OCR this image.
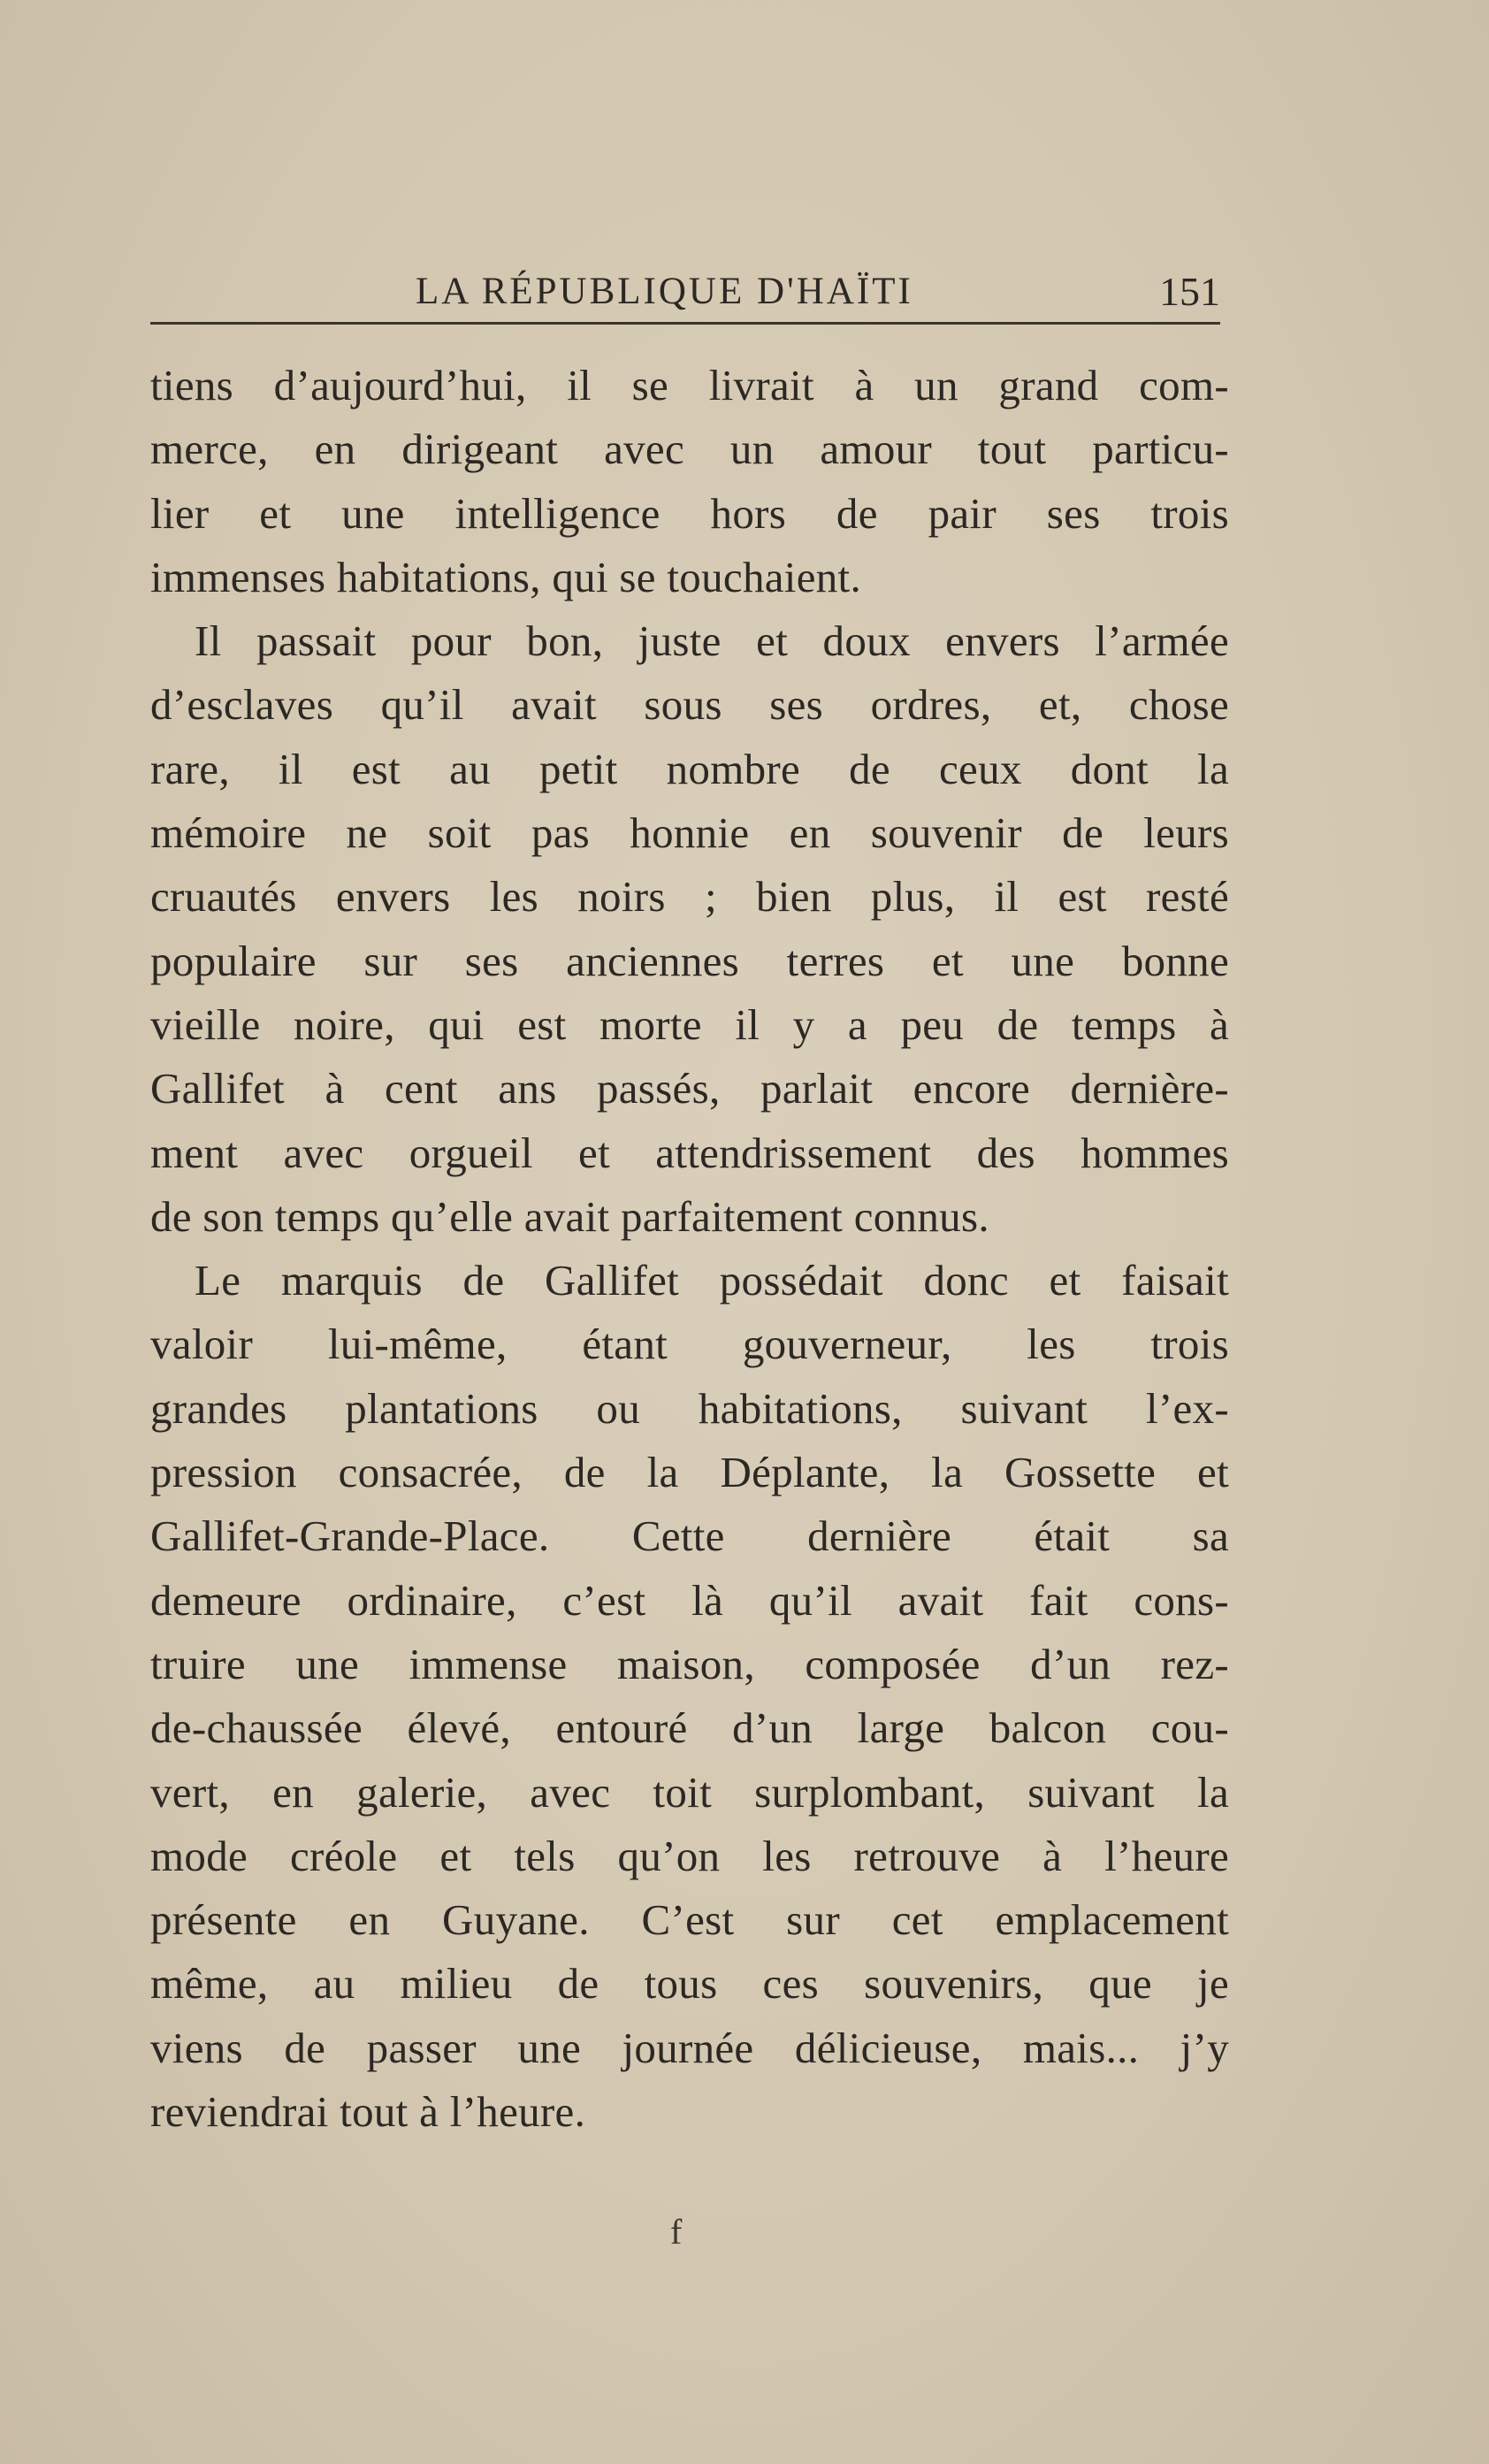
LA RÉPUBLIQUE D'HAÏTI	151
tiens d’aujourd’hui, il se livrait à un grand com-
merce, en dirigeant avec un amour tout particu-
lier et une intelligence hors de pair ses trois
immenses habitations, qui se touchaient.
Il passait pour bon, juste et doux envers l’armée
d’esclaves qu’il avait sous ses ordres, et, chose
rare, il est au petit nombre de ceux dont la
mémoire ne soit pas honnie en souvenir de leurs
cruautés envers les noirs ; bien plus, il est resté
populaire sur ses anciennes terres et une bonne
vieille noire, qui est morte il y a peu de temps à
Gallifet à cent ans passés, parlait encore dernière-
ment avec orgueil et attendrissement des hommes
de son temps qu’elle avait parfaitement connus.
Le marquis de Gallifet possédait donc et faisait
valoir lui-même, étant gouverneur, les trois
grandes plantations ou habitations, suivant l’ex-
pression consacrée, de la Déplante, la Gossette et
Gallifet-Grande-Place. Cette dernière était sa
demeure ordinaire, c’est là qu’il avait fait cons-
truire une immense maison, composée d’un rez-
de-chaussée élevé, entouré d’un large balcon cou-
vert, en galerie, avec toit surplombant, suivant la
mode créole et tels qu’on les retrouve à l’heure
présente en Guyane. C’est sur cet emplacement
même, au milieu de tous ces souvenirs, que je
viens de passer une journée délicieuse, mais... j’y
reviendrai tout à l’heure.
f
